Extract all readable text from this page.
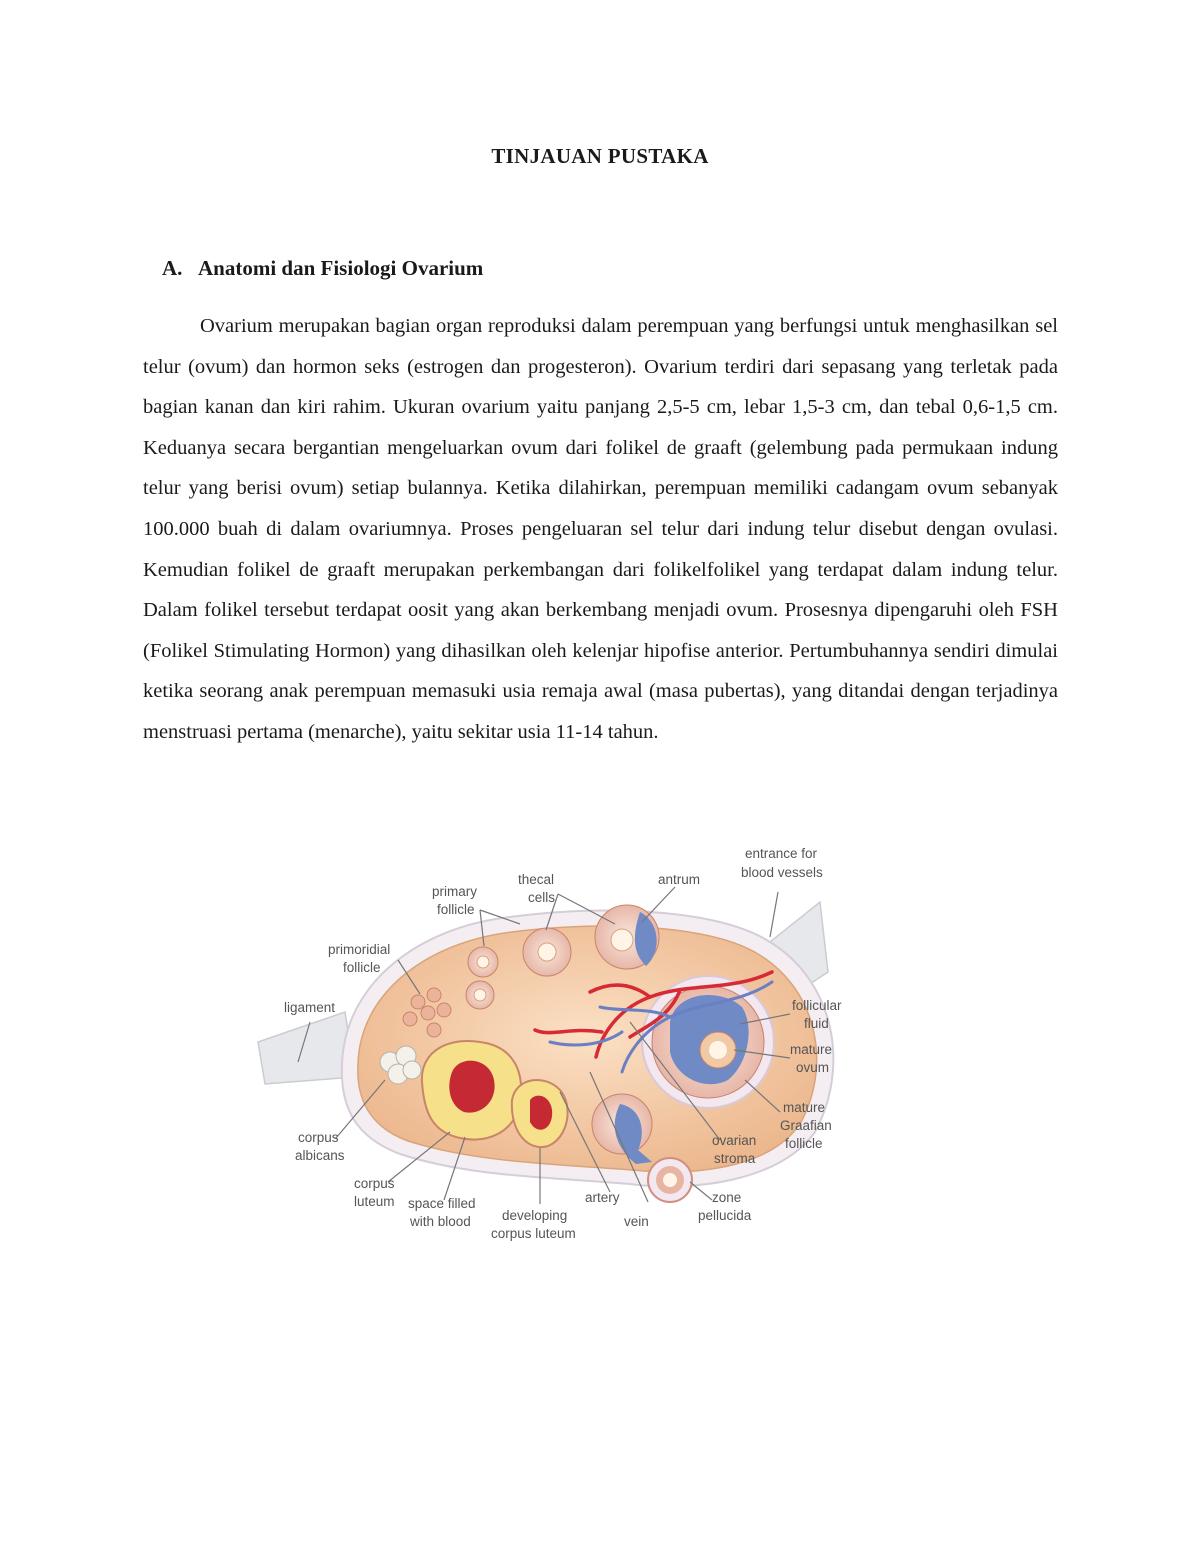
TINJAUAN PUSTAKA
A. Anatomi dan Fisiologi Ovarium

Ovarium merupakan bagian organ reproduksi dalam perempuan yang berfungsi untuk menghasilkan sel telur (ovum) dan hormon seks (estrogen dan progesteron). Ovarium terdiri dari sepasang yang terletak pada bagian kanan dan kiri rahim. Ukuran ovarium yaitu panjang 2,5-5 cm, lebar 1,5-3 cm, dan tebal 0,6-1,5 cm. Keduanya secara bergantian mengeluarkan ovum dari folikel de graaft (gelembung pada permukaan indung telur yang berisi ovum) setiap bulannya. Ketika dilahirkan, perempuan memiliki cadangam ovum sebanyak 100.000 buah di dalam ovariumnya. Proses pengeluaran sel telur dari indung telur disebut dengan ovulasi. Kemudian folikel de graaft merupakan perkembangan dari folikelfolikel yang terdapat dalam indung telur. Dalam folikel tersebut terdapat oosit yang akan berkembang menjadi ovum. Prosesnya dipengaruhi oleh FSH (Folikel Stimulating Hormon) yang dihasilkan oleh kelenjar hipofise anterior. Pertumbuhannya sendiri dimulai ketika seorang anak perempuan memasuki usia remaja awal (masa pubertas), yang ditandai dengan terjadinya menstruasi pertama (menarche), yaitu sekitar usia 11-14 tahun.

entrance for
blood vessels
thecal
cells
antrum
primary
follicle
primoridial
follicle
ligament	follicular
fluid
mature
ovum
mature
Graafian
follicle
ovarian
stroma
corpus
albicans
corpus
luteum space filled
with blood developing
corpus luteum
artery
vein
zone
pellucida
